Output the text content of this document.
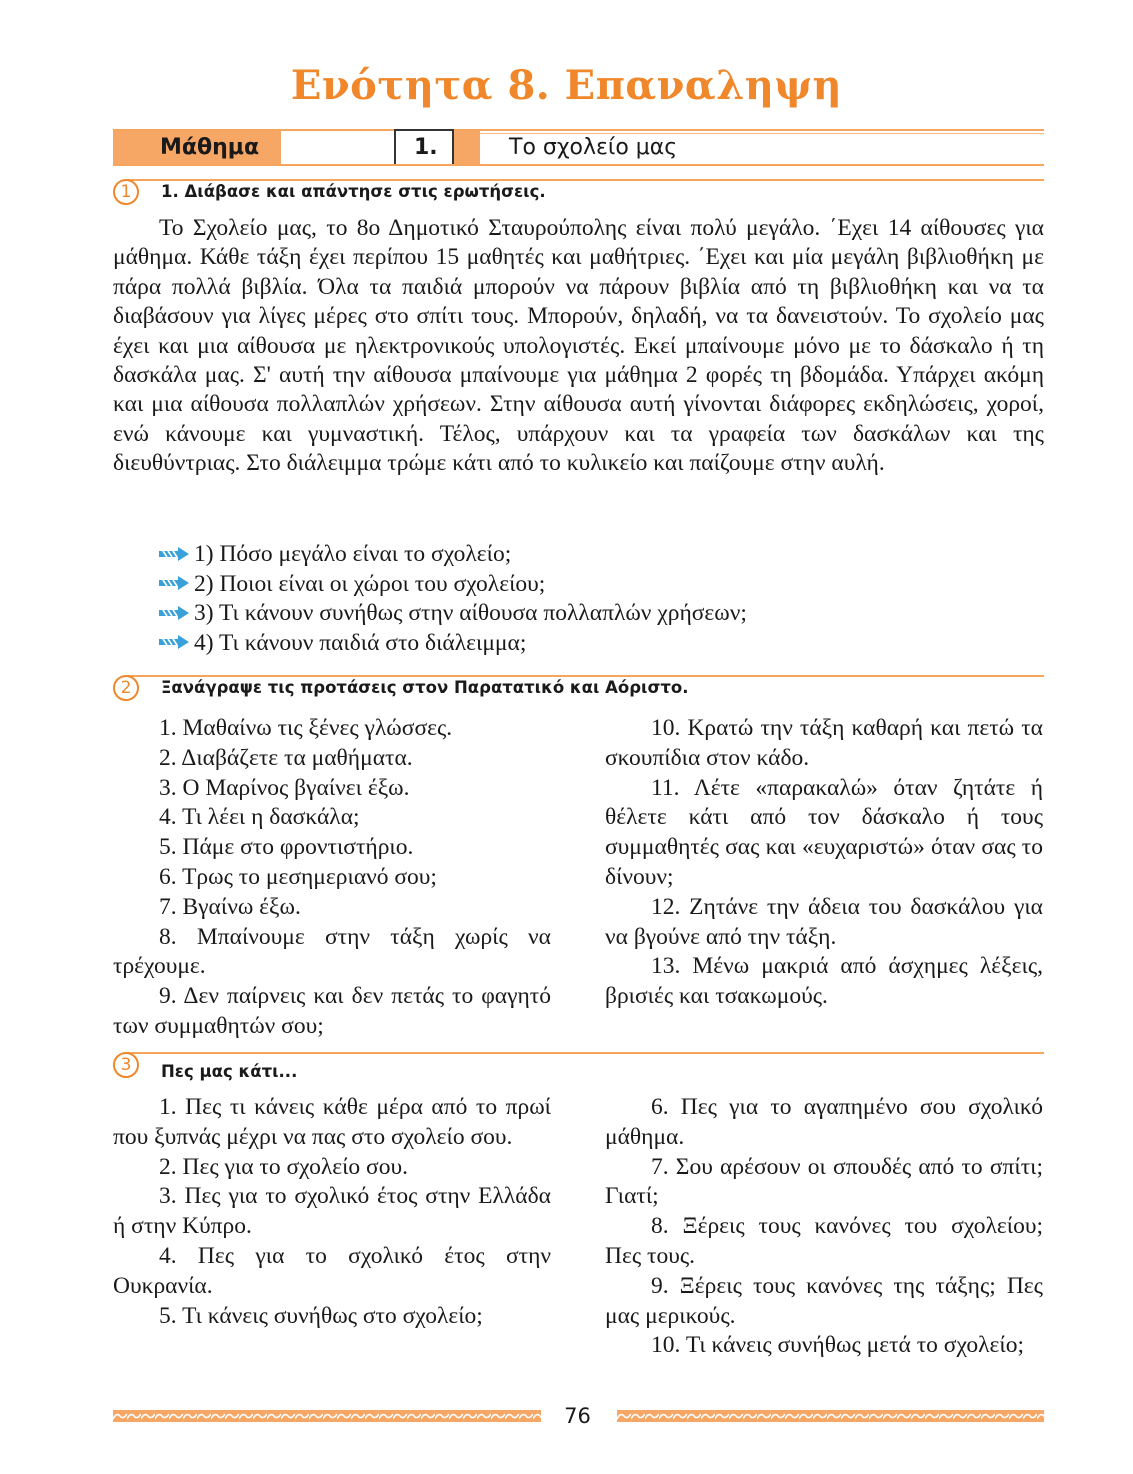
Ενότητα 8. Επαναληψη
Μάθημα	1.	Το σχολείο μας
1	1. Διάβασε και απάντησε στις ερωτήσεις.

Το Σχολείο μας, το 8ο Δημοτικό Σταυρούπολης είναι πολύ μεγάλο. ΄Εχει 14 αίθουσες για μάθημα. Κάθε τάξη έχει περίπου 15 μαθητές και μαθήτριες. ΄Εχει και μία μεγάλη βιβλιοθήκη με πάρα πολλά βιβλία. Όλα τα παιδιά μπορούν να πάρουν βιβλία από τη βιβλιοθήκη και να τα διαβάσουν για λίγες μέρες στο σπίτι τους. Μπορούν, δηλαδή, να τα δανειστούν. Το σχολείο μας έχει και μια αίθουσα με ηλεκτρονικούς υπολογιστές. Εκεί μπαίνουμε μόνο με το δάσκαλο ή τη δασκάλα μας. Σ' αυτή την αίθουσα μπαίνουμε για μάθημα 2 φορές τη βδομάδα. Υπάρχει ακόμη και μια αίθουσα πολλαπλών χρήσεων. Στην αίθουσα αυτή γίνονται διάφορες εκδηλώσεις, χοροί, ενώ κάνουμε και γυμναστική. Τέλος, υπάρχουν και τα γραφεία των δασκάλων και της διευθύντριας. Στο διάλειμμα τρώμε κάτι από το κυλικείο και παίζουμε στην αυλή.

1) Πόσο μεγάλο είναι το σχολείο;
2) Ποιοι είναι οι χώροι του σχολείου;
3) Τι κάνουν συνήθως στην αίθουσα πολλαπλών χρήσεων;
4) Τι κάνουν παιδιά στο διάλειμμα;
2	Ξανάγραψε τις προτάσεις στον Παρατατικό και Αόριστο.

1. Μαθαίνω τις ξένες γλώσσες.

2. Διαβάζετε τα μαθήματα.

3. Ο Μαρίνος βγαίνει έξω.

4. Τι λέει η δασκάλα;

5. Πάμε στο φροντιστήριο.

6. Τρως το μεσημεριανό σου;

7. Βγαίνω έξω.

8. Μπαίνουμε στην τάξη χωρίς να τρέχουμε.

9. Δεν παίρνεις και δεν πετάς το φαγητό των συμμαθητών σου;

10. Κρατώ την τάξη καθαρή και πετώ τα σκουπίδια στον κάδο.

11. Λέτε «παρακαλώ» όταν ζητάτε ή θέλετε κάτι από τον δάσκαλο ή τους συμμαθητές σας και «ευχαριστώ» όταν σας το δίνουν;

12. Ζητάνε την άδεια του δασκάλου για να βγούνε από την τάξη.

13. Μένω μακριά από άσχημες λέξεις, βρισιές και τσακωμούς.

3	Πες μας κάτι...

1. Πες τι κάνεις κάθε μέρα από το πρωί που ξυπνάς μέχρι να πας στο σχολείο σου.

2. Πες για το σχολείο σου.

3. Πες για το σχολικό έτος στην Ελλάδα ή στην Κύπρο.

4. Πες για το σχολικό έτος στην Ουκρανία.

5. Τι κάνεις συνήθως στο σχολείο;

6. Πες για το αγαπημένο σου σχολικό μάθημα.

7. Σου αρέσουν οι σπουδές από το σπίτι; Γιατί;

8. Ξέρεις τους κανόνες του σχολείου; Πες τους.

9. Ξέρεις τους κανόνες της τάξης; Πες μας μερικούς.

10. Τι κάνεις συνήθως μετά το σχολείο;

76
